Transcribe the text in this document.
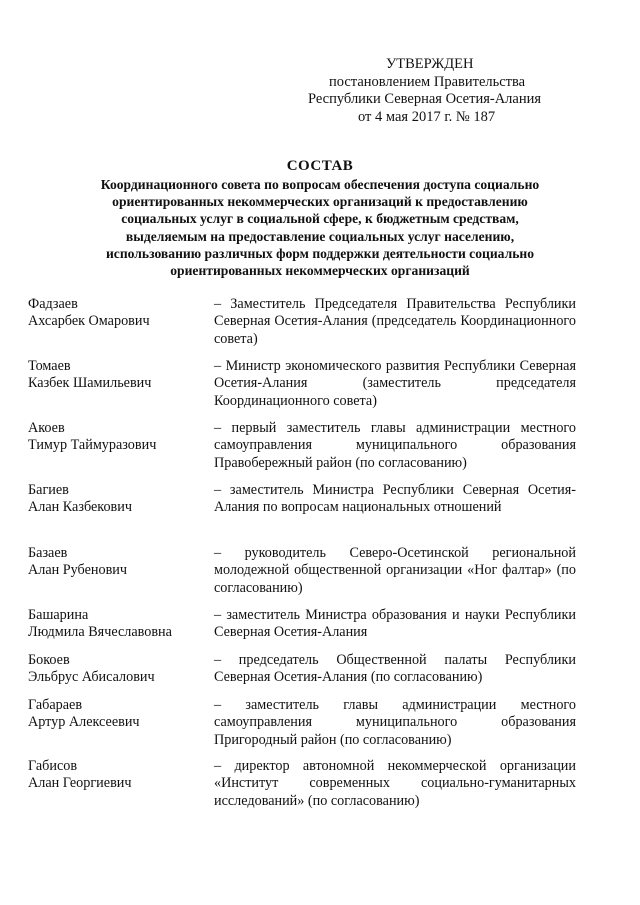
УТВЕРЖДЕН
постановлением Правительства
Республики Северная Осетия-Алания
от 4 мая 2017 г. № 187
СОСТАВ
Координационного совета по вопросам обеспечения доступа социально
ориентированных некоммерческих организаций к предоставлению
социальных услуг в социальной сфере, к бюджетным средствам,
выделяемым на предоставление социальных услуг населению,
использованию различных форм поддержки деятельности социально
ориентированных некоммерческих организаций
Фадзаев
Ахсарбек Омарович
– Заместитель Председателя Правительства Республики Северная Осетия-Алания (председатель Координационного совета)
Томаев
Казбек Шамильевич
– Министр экономического развития Республики Северная Осетия-Алания (заместитель председателя Координационного совета)
Акоев
Тимур Таймуразович
– первый заместитель главы администрации местного самоуправления муниципального образования Правобережный район (по согласованию)
Багиев
Алан Казбекович
– заместитель Министра Республики Северная Осетия-Алания по вопросам национальных отношений
Базаев
Алан Рубенович
– руководитель Северо-Осетинской региональной молодежной общественной организации «Ног фалтар» (по согласованию)
Башарина
Людмила Вячеславовна
– заместитель Министра образования и науки Республики Северная Осетия-Алания
Бокоев
Эльбрус Абисалович
– председатель Общественной палаты Республики Северная Осетия-Алания (по согласованию)
Габараев
Артур Алексеевич
– заместитель главы администрации местного самоуправления муниципального образования Пригородный район (по согласованию)
Габисов
Алан Георгиевич
– директор автономной некоммерческой организации «Институт современных социально-гуманитарных исследований» (по согласованию)
